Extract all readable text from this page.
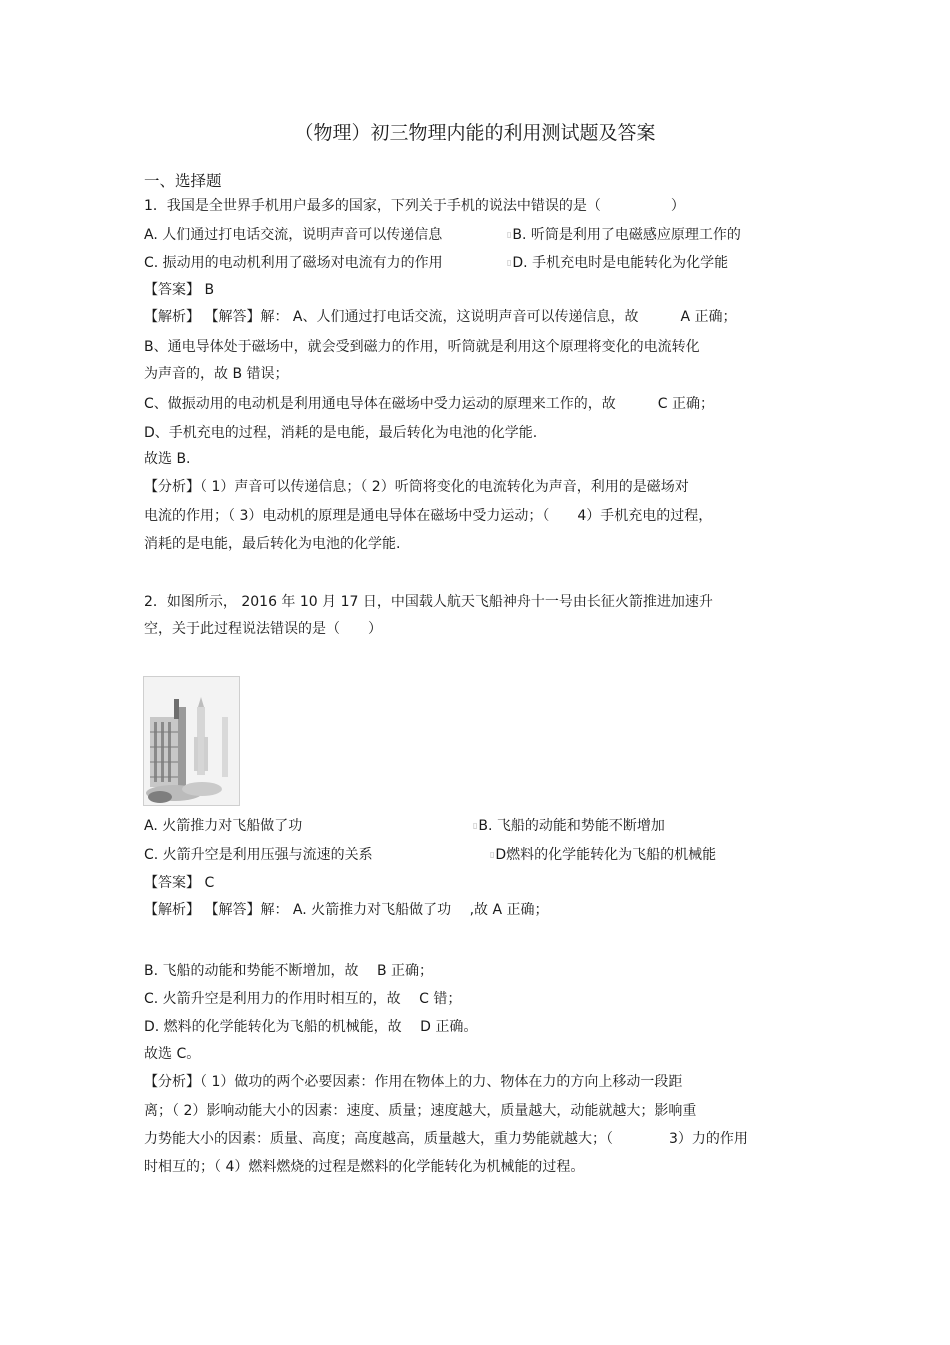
（物理）初三物理内能的利用测试题及答案
一、选择题
1．我国是全世界手机用户最多的国家，下列关于手机的说法中错误的是（　　　　　）
A. 人们通过打电话交流，说明声音可以传递信息	▯B. 听筒是利用了电磁感应原理工作的
C. 振动用的电动机利用了磁场对电流有力的作用	▯D. 手机充电时是电能转化为化学能
【答案】 B
【解析】 【解答】解： A、人们通过打电话交流，这说明声音可以传递信息，故　　　A 正确；
B、通电导体处于磁场中，就会受到磁力的作用，听筒就是利用这个原理将变化的电流转化
为声音的，故 B 错误；
C、做振动用的电动机是利用通电导体在磁场中受力运动的原理来工作的，故　　　C 正确；
D、手机充电的过程，消耗的是电能，最后转化为电池的化学能.
故选 B.
【分析】（ 1）声音可以传递信息；（ 2）听筒将变化的电流转化为声音，利用的是磁场对
电流的作用；（ 3）电动机的原理是通电导体在磁场中受力运动；（　　4）手机充电的过程，
消耗的是电能，最后转化为电池的化学能.
2．如图所示， 2016 年 10 月 17 日，中国载人航天飞船神舟十一号由长征火箭推进加速升
空，关于此过程说法错误的是（　　）
A. 火箭推力对飞船做了功	▯B. 飞船的动能和势能不断增加
C. 火箭升空是利用压强与流速的关系	▯D燃料的化学能转化为飞船的机械能
【答案】 C
【解析】 【解答】解： A. 火箭推力对飞船做了功　 ,故 A 正确；
B. 飞船的动能和势能不断增加，故　 B 正确；
C. 火箭升空是利用力的作用时相互的，故　 C 错；
D. 燃料的化学能转化为飞船的机械能，故　 D 正确。
故选 C。
【分析】（ 1）做功的两个必要因素：作用在物体上的力、物体在力的方向上移动一段距
离；（ 2）影响动能大小的因素：速度、质量；速度越大，质量越大，动能就越大；影响重
力势能大小的因素：质量、高度；高度越高，质量越大，重力势能就越大；（　　　　3）力的作用
时相互的；（ 4）燃料燃烧的过程是燃料的化学能转化为机械能的过程。
